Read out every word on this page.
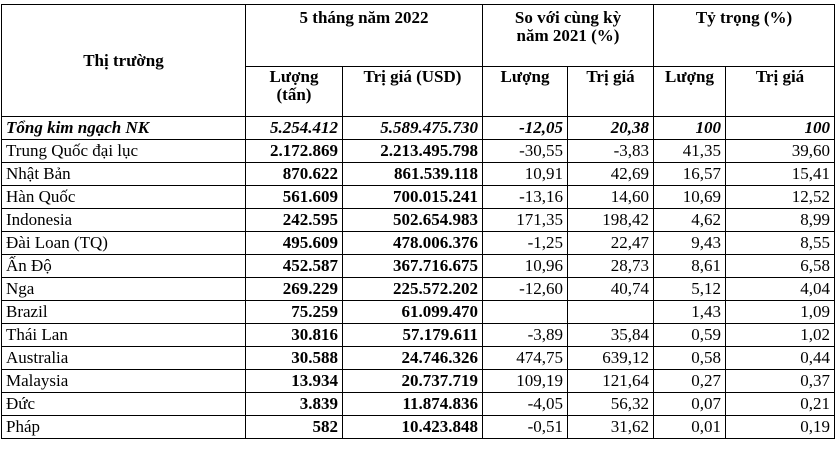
Thị trường	5 tháng năm 2022		So với cùng kỳ năm 2021 (%)		Tỷ trọng (%)	
	Lượng (tấn)	Trị giá (USD)	Lượng	Trị giá	Lượng	Trị giá
Tổng kim ngạch NK	5.254.412	5.589.475.730	-12,05	20,38	100	100
Trung Quốc đại lục	2.172.869	2.213.495.798	-30,55	-3,83	41,35	39,60
Nhật Bản	870.622	861.539.118	10,91	42,69	16,57	15,41
Hàn Quốc	561.609	700.015.241	-13,16	14,60	10,69	12,52
Indonesia	242.595	502.654.983	171,35	198,42	4,62	8,99
Đài Loan (TQ)	495.609	478.006.376	-1,25	22,47	9,43	8,55
Ấn Độ	452.587	367.716.675	10,96	28,73	8,61	6,58
Nga	269.229	225.572.202	-12,60	40,74	5,12	4,04
Brazil	75.259	61.099.470			1,43	1,09
Thái Lan	30.816	57.179.611	-3,89	35,84	0,59	1,02
Australia	30.588	24.746.326	474,75	639,12	0,58	0,44
Malaysia	13.934	20.737.719	109,19	121,64	0,27	0,37
Đức	3.839	11.874.836	-4,05	56,32	0,07	0,21
Pháp	582	10.423.848	-0,51	31,62	0,01	0,19
